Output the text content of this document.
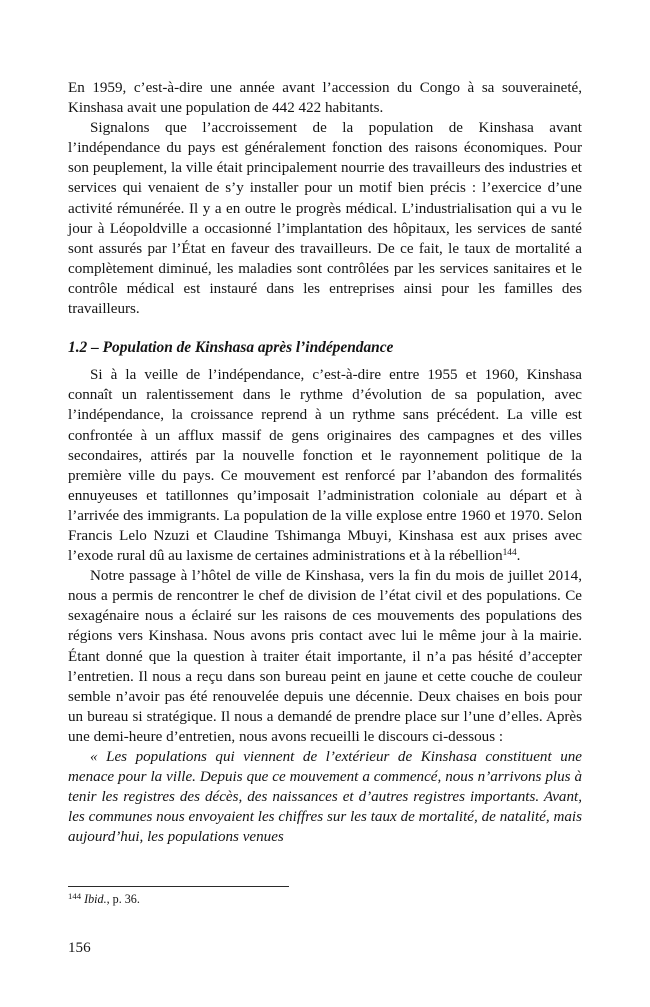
En 1959, c’est-à-dire une année avant l’accession du Congo à sa souveraineté, Kinshasa avait une population de 442 422 habitants.

Signalons que l’accroissement de la population de Kinshasa avant l’indépendance du pays est généralement fonction des raisons économiques. Pour son peuplement, la ville était principalement nourrie des travailleurs des industries et services qui venaient de s’y installer pour un motif bien précis : l’exercice d’une activité rémunérée. Il y a en outre le progrès médical. L’industrialisation qui a vu le jour à Léopoldville a occasionné l’implantation des hôpitaux, les services de santé sont assurés par l’État en faveur des travailleurs. De ce fait, le taux de mortalité a complètement diminué, les maladies sont contrôlées par les services sanitaires et le contrôle médical est instauré dans les entreprises ainsi pour les familles des travailleurs.

1.2 – Population de Kinshasa après l’indépendance

Si à la veille de l’indépendance, c’est-à-dire entre 1955 et 1960, Kinshasa connaît un ralentissement dans le rythme d’évolution de sa population, avec l’indépendance, la croissance reprend à un rythme sans précédent. La ville est confrontée à un afflux massif de gens originaires des campagnes et des villes secondaires, attirés par la nouvelle fonction et le rayonnement politique de la première ville du pays. Ce mouvement est renforcé par l’abandon des formalités ennuyeuses et tatillonnes qu’imposait l’administration coloniale au départ et à l’arrivée des immigrants. La population de la ville explose entre 1960 et 1970. Selon Francis Lelo Nzuzi et Claudine Tshimanga Mbuyi, Kinshasa est aux prises avec l’exode rural dû au laxisme de certaines administrations et à la rébellion$^{144}$.

Notre passage à l’hôtel de ville de Kinshasa, vers la fin du mois de juillet 2014, nous a permis de rencontrer le chef de division de l’état civil et des populations. Ce sexagénaire nous a éclairé sur les raisons de ces mouvements des populations des régions vers Kinshasa. Nous avons pris contact avec lui le même jour à la mairie. Étant donné que la question à traiter était importante, il n’a pas hésité d’accepter l’entretien. Il nous a reçu dans son bureau peint en jaune et cette couche de couleur semble n’avoir pas été renouvelée depuis une décennie. Deux chaises en bois pour un bureau si stratégique. Il nous a demandé de prendre place sur l’une d’elles. Après une demi-heure d’entretien, nous avons recueilli le discours ci-dessous :

« Les populations qui viennent de l’extérieur de Kinshasa constituent une menace pour la ville. Depuis que ce mouvement a commencé, nous n’arrivons plus à tenir les registres des décès, des naissances et d’autres registres importants. Avant, les communes nous envoyaient les chiffres sur les taux de mortalité, de natalité, mais aujourd’hui, les populations venues

$^{144}$ Ibid., p. 36.

156
